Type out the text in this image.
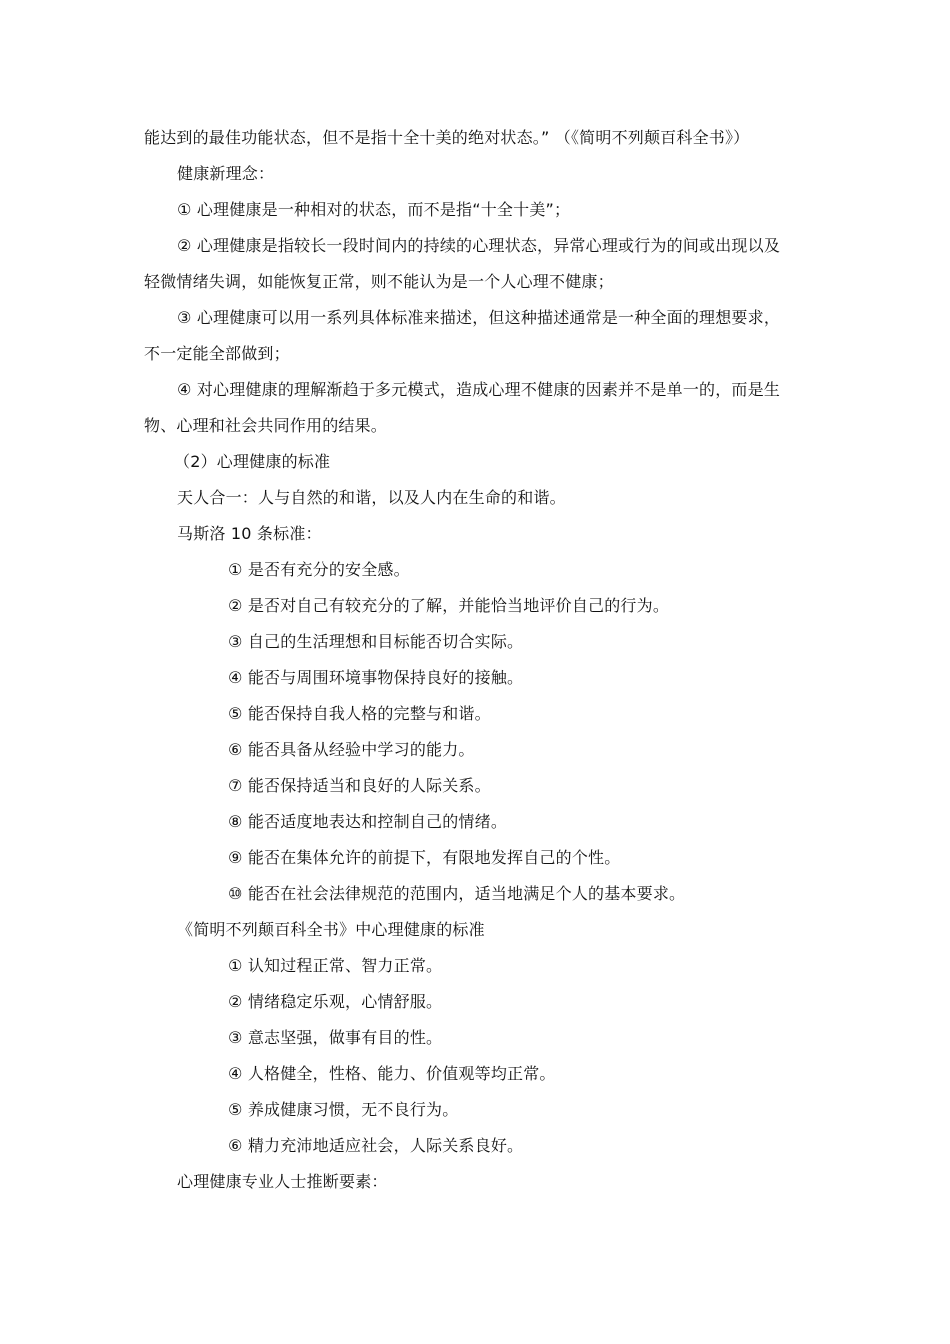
能达到的最佳功能状态，但不是指十全十美的绝对状态。” （《简明不列颠百科全书》）
健康新理念：
① 心理健康是一种相对的状态，而不是指“十全十美”；
② 心理健康是指较长一段时间内的持续的心理状态，异常心理或行为的间或出现以及
轻微情绪失调，如能恢复正常，则不能认为是一个人心理不健康；
③ 心理健康可以用一系列具体标准来描述，但这种描述通常是一种全面的理想要求，
不一定能全部做到；
④ 对心理健康的理解渐趋于多元模式，造成心理不健康的因素并不是单一的，而是生
物、心理和社会共同作用的结果。
（2）心理健康的标准
天人合一：人与自然的和谐，以及人内在生命的和谐。
马斯洛 10 条标准：
① 是否有充分的安全感。
② 是否对自己有较充分的了解，并能恰当地评价自己的行为。
③ 自己的生活理想和目标能否切合实际。
④ 能否与周围环境事物保持良好的接触。
⑤ 能否保持自我人格的完整与和谐。
⑥ 能否具备从经验中学习的能力。
⑦ 能否保持适当和良好的人际关系。
⑧ 能否适度地表达和控制自己的情绪。
⑨ 能否在集体允许的前提下，有限地发挥自己的个性。
⑩ 能否在社会法律规范的范围内，适当地满足个人的基本要求。
《简明不列颠百科全书》中心理健康的标准
① 认知过程正常、智力正常。
② 情绪稳定乐观，心情舒服。
③ 意志坚强，做事有目的性。
④ 人格健全，性格、能力、价值观等均正常。
⑤ 养成健康习惯，无不良行为。
⑥ 精力充沛地适应社会，人际关系良好。
心理健康专业人士推断要素：
